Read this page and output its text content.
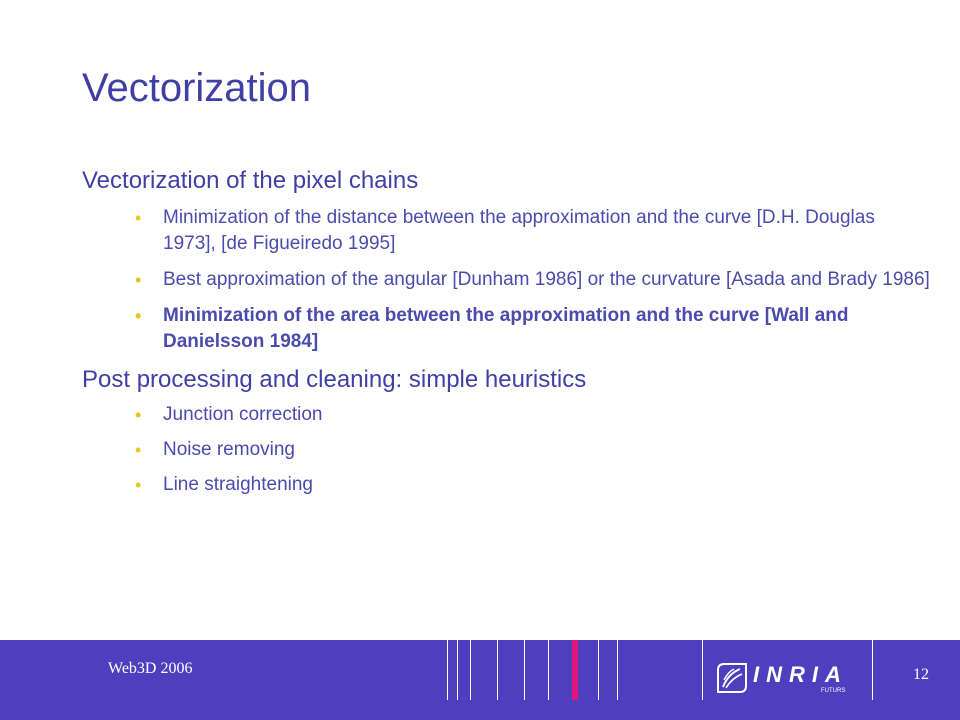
Vectorization

Vectorization of the pixel chains

• Minimization of the distance between the approximation and the curve [D.H. Douglas 1973], [de Figueiredo 1995]
• Best approximation of the angular [Dunham 1986] or the curvature [Asada and Brady 1986]
• Minimization of the area between the approximation and the curve [Wall and Danielsson 1984]

Post processing and cleaning: simple heuristics

• Junction correction
• Noise removing
• Line straightening
Web3D 2006	INRIA
FUTURS
12
